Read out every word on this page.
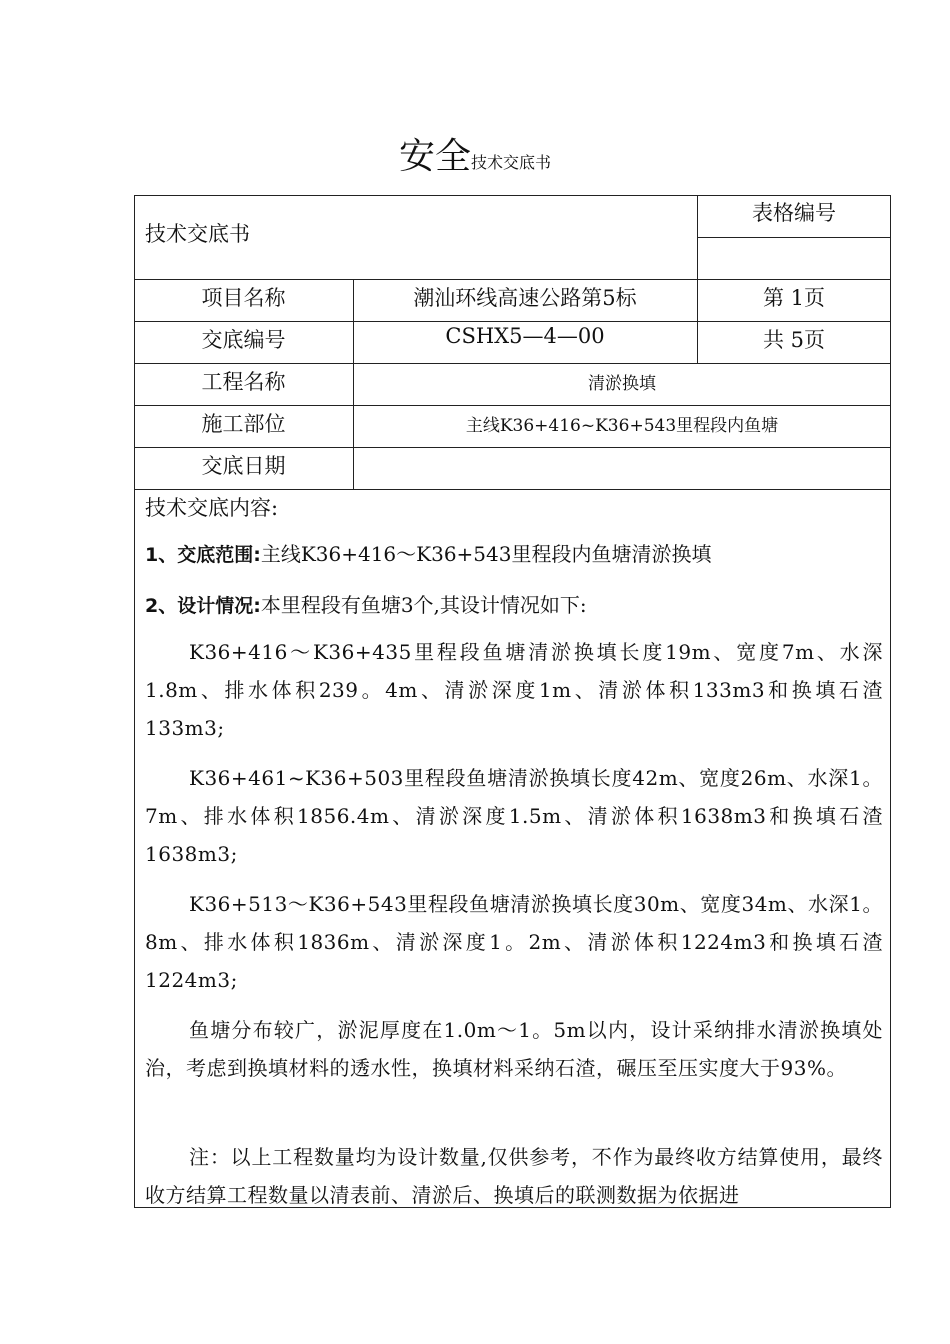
安全技术交底书
技术交底书
表格编号
项目名称	潮汕环线高速公路第5标	第 1页
交底编号	CSHX5—4—00	共 5页
工程名称	清淤换填
施工部位	主线K36+416~K36+543里程段内鱼塘
交底日期
技术交底内容:
1、交底范围:主线K36+416～K36+543里程段内鱼塘清淤换填
2、设计情况:本里程段有鱼塘3个,其设计情况如下:
K36+416～K36+435里程段鱼塘清淤换填长度19m、宽度7m、水深1.8m、排水体积239。4m、清淤深度1m、清淤体积133m3和换填石渣133m3;
K36+461~K36+503里程段鱼塘清淤换填长度42m、宽度26m、水深1。7m、排水体积1856.4m、清淤深度1.5m、清淤体积1638m3和换填石渣1638m3;
K36+513～K36+543里程段鱼塘清淤换填长度30m、宽度34m、水深1。8m、排水体积1836m、清淤深度1。2m、清淤体积1224m3和换填石渣1224m3;
鱼塘分布较广，淤泥厚度在1.0m～1。5m以内，设计采纳排水清淤换填处治，考虑到换填材料的透水性，换填材料采纳石渣，碾压至压实度大于93%。
注：以上工程数量均为设计数量,仅供参考，不作为最终收方结算使用，最终收方结算工程数量以清表前、清淤后、换填后的联测数据为依据进
